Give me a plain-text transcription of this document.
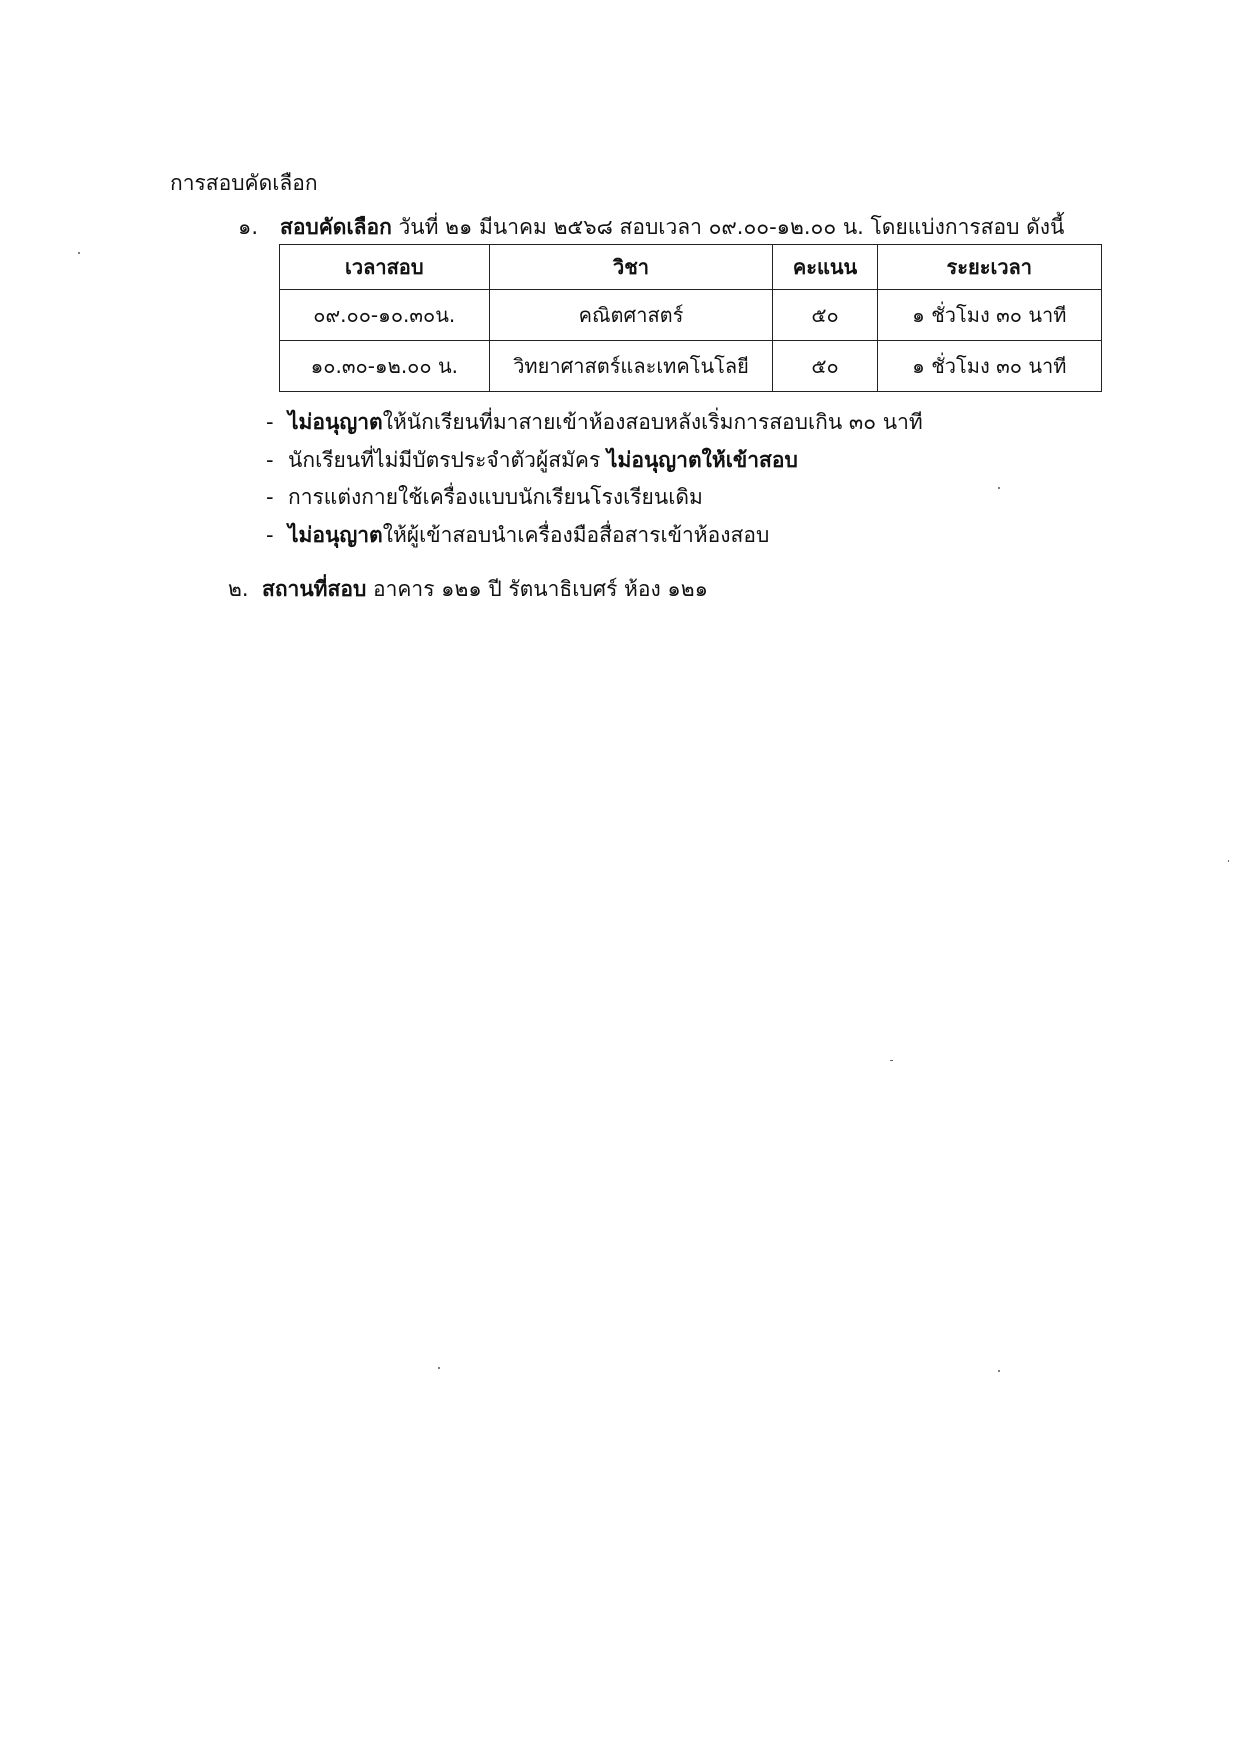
การสอบคัดเลือก
๑. สอบคัดเลือก วันที่ ๒๑ มีนาคม ๒๕๖๘ สอบเวลา ๐๙.๐๐-๑๒.๐๐ น. โดยแบ่งการสอบ ดังนี้
เวลาสอบ	วิชา	คะแนน	ระยะเวลา
๐๙.๐๐-๑๐.๓๐น.	คณิตศาสตร์	๕๐	๑ ชั่วโมง ๓๐ นาที
๑๐.๓๐-๑๒.๐๐ น.	วิทยาศาสตร์และเทคโนโลยี	๕๐	๑ ชั่วโมง ๓๐ นาที
- ไม่อนุญาตให้นักเรียนที่มาสายเข้าห้องสอบหลังเริ่มการสอบเกิน ๓๐ นาที
- นักเรียนที่ไม่มีบัตรประจำตัวผู้สมัคร ไม่อนุญาตให้เข้าสอบ
- การแต่งกายใช้เครื่องแบบนักเรียนโรงเรียนเดิม
- ไม่อนุญาตให้ผู้เข้าสอบนำเครื่องมือสื่อสารเข้าห้องสอบ
๒. สถานที่สอบ อาคาร ๑๒๑ ปี รัตนาธิเบศร์ ห้อง ๑๒๑
